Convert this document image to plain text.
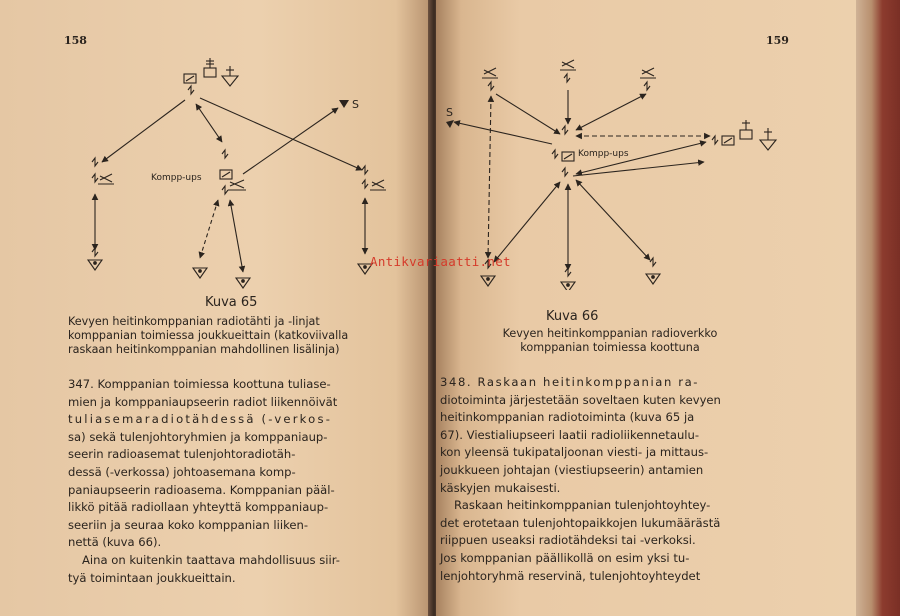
158
S
Kompp-ups
Kuva 65
Kevyen heitinkomppanian radiotähti ja -linjat
komppanian toimiessa joukkueittain (katkoviivalla
raskaan heitinkomppanian mahdollinen lisälinja)
347. Komppanian toimiessa koottuna tuliase-
mien ja komppaniaupseerin radiot liikennöivät
tuliasemaradiotähdessä (-verkos-
sa) sekä tulenjohtoryhmien ja komppaniaup-
seerin radioasemat tulenjohtoradiotäh-
dessä (-verkossa) johtoasemana komp-
paniaupseerin radioasema. Komppanian pääl-
likkö pitää radiollaan yhteyttä komppaniaup-
seeriin ja seuraa koko komppanian liiken-
nettä (kuva 66).
Aina on kuitenkin taattava mahdollisuus siir-
tyä toimintaan joukkueittain.
159
S
Kompp-ups
Kuva 66
Kevyen heitinkomppanian radioverkko
komppanian toimiessa koottuna
348. Raskaan heitinkomppanian ra-
diotoiminta järjestetään soveltaen kuten kevyen
heitinkomppanian radiotoiminta (kuva 65 ja
67). Viestialiupseeri laatii radioliikennetaulu-
kon yleensä tukipataljoonan viesti- ja mittaus-
joukkueen johtajan (viestiupseerin) antamien
käskyjen mukaisesti.
Raskaan heitinkomppanian tulenjohtoyhtey-
det erotetaan tulenjohtopaikkojen lukumäärästä
riippuen useaksi radiotähdeksi tai -verkoksi.
Jos komppanian päällikollä on esim yksi tu-
lenjohtoryhmä reservinä, tulenjohtoyhteydet
Antikvariaatti.net
